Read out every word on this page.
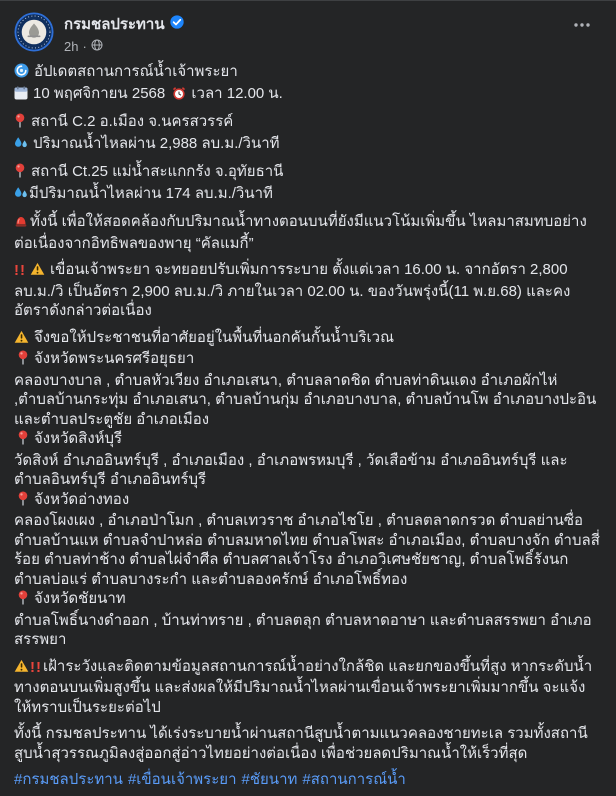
กรมชลประทาน
2h ·

อัปเดตสถานการณ์น้ำเจ้าพระยา

10 พฤศจิกายน 2568 เวลา 12.00 น.

สถานี C.2 อ.เมือง จ.นครสวรรค์

ปริมาณน้ำไหลผ่าน 2,988 ลบ.ม./วินาที

สถานี Ct.25 แม่น้ำสะแกกรัง จ.อุทัยธานี

มีปริมาณน้ำไหลผ่าน 174 ลบ.ม./วินาที

ทั้งนี้ เพื่อให้สอดคล้องกับปริมาณน้ำทางตอนบนที่ยังมีแนวโน้มเพิ่มขึ้น ไหลมาสมทบอย่างต่อเนื่องจากอิทธิพลของพายุ “คัลแมกี้”

!! เขื่อนเจ้าพระยา จะทยอยปรับเพิ่มการระบาย ตั้งแต่เวลา 16.00 น. จากอัตรา 2,800 ลบ.ม./วิ เป็นอัตรา 2,900 ลบ.ม./วิ ภายในเวลา 02.00 น. ของวันพรุ่งนี้(11 พ.ย.68) และคงอัตราดังกล่าวต่อเนื่อง

จึงขอให้ประชาชนที่อาศัยอยู่ในพื้นที่นอกคันกั้นน้ำบริเวณ

จังหวัดพระนครศรีอยุธยา

คลองบางบาล , ตำบลหัวเวียง อำเภอเสนา, ตำบลลาดชิด ตำบลท่าดินแดง อำเภอผักไห่ ,ตำบลบ้านกระทุ่ม อำเภอเสนา, ตำบลบ้านกุ่ม อำเภอบางบาล, ตำบลบ้านโพ อำเภอบางปะอิน และตำบลประตูชัย อำเภอเมือง

จังหวัดสิงห์บุรี

วัดสิงห์ อำเภออินทร์บุรี , อำเภอเมือง , อำเภอพรหมบุรี , วัดเสือข้าม อำเภออินทร์บุรี และตำบลอินทร์บุรี อำเภออินทร์บุรี

จังหวัดอ่างทอง

คลองโผงเผง , อำเภอป่าโมก , ตำบลเทวราช อำเภอไชโย , ตำบลตลาดกรวด ตำบลย่านซื่อ ตำบลบ้านแห ตำบลจำปาหล่อ ตำบลมหาดไทย ตำบลโพสะ อำเภอเมือง, ตำบลบางจัก ตำบลสี่ร้อย ตำบลท่าช้าง ตำบลไผ่จำศีล ตำบลศาลเจ้าโรง อำเภอวิเศษชัยชาญ, ตำบลโพธิ์รังนก ตำบลบ่อแร่ ตำบลบางระกำ และตำบลองครักษ์ อำเภอโพธิ์ทอง

จังหวัดชัยนาท

ตำบลโพธิ์นางดำออก , บ้านท่าทราย , ตำบลตลุก ตำบลหาดอาษา และตำบลสรรพยา อำเภอสรรพยา

!!เฝ้าระวังและติดตามข้อมูลสถานการณ์น้ำอย่างใกล้ชิด และยกของขึ้นที่สูง หากระดับน้ำทางตอนบนเพิ่มสูงขึ้น และส่งผลให้มีปริมาณน้ำไหลผ่านเขื่อนเจ้าพระยาเพิ่มมากขึ้น จะแจ้งให้ทราบเป็นระยะต่อไป

ทั้งนี้ กรมชลประทาน ได้เร่งระบายน้ำผ่านสถานีสูบน้ำตามแนวคลองชายทะเล รวมทั้งสถานีสูบน้ำสุวรรณภูมิลงสู่ออกสู่อ่าวไทยอย่างต่อเนื่อง เพื่อช่วยลดปริมาณน้ำให้เร็วที่สุด

#กรมชลประทาน #เขื่อนเจ้าพระยา #ชัยนาท #สถานการณ์น้ำ
